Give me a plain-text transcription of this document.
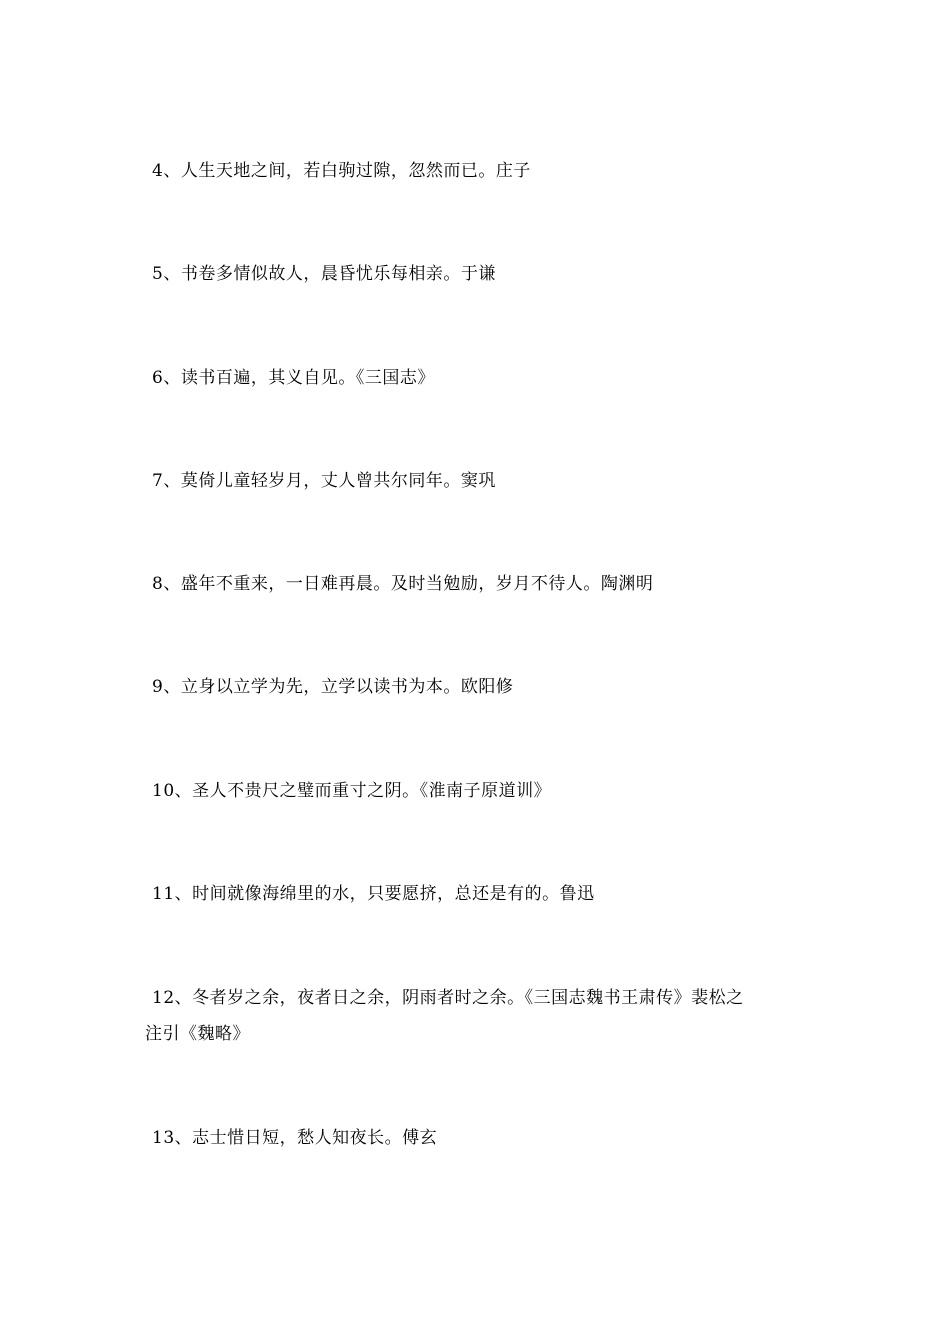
4、人生天地之间，若白驹过隙，忽然而已。庄子
5、书卷多情似故人，晨昏忧乐每相亲。于谦
6、读书百遍，其义自见。《三国志》
7、莫倚儿童轻岁月，丈人曾共尔同年。窦巩
8、盛年不重来，一日难再晨。及时当勉励，岁月不待人。陶渊明
9、立身以立学为先，立学以读书为本。欧阳修
10、圣人不贵尺之璧而重寸之阴。《淮南子原道训》
11、时间就像海绵里的水，只要愿挤，总还是有的。鲁迅
12、冬者岁之余，夜者日之余，阴雨者时之余。《三国志魏书王肃传》裴松之
注引《魏略》
13、志士惜日短，愁人知夜长。傅玄
